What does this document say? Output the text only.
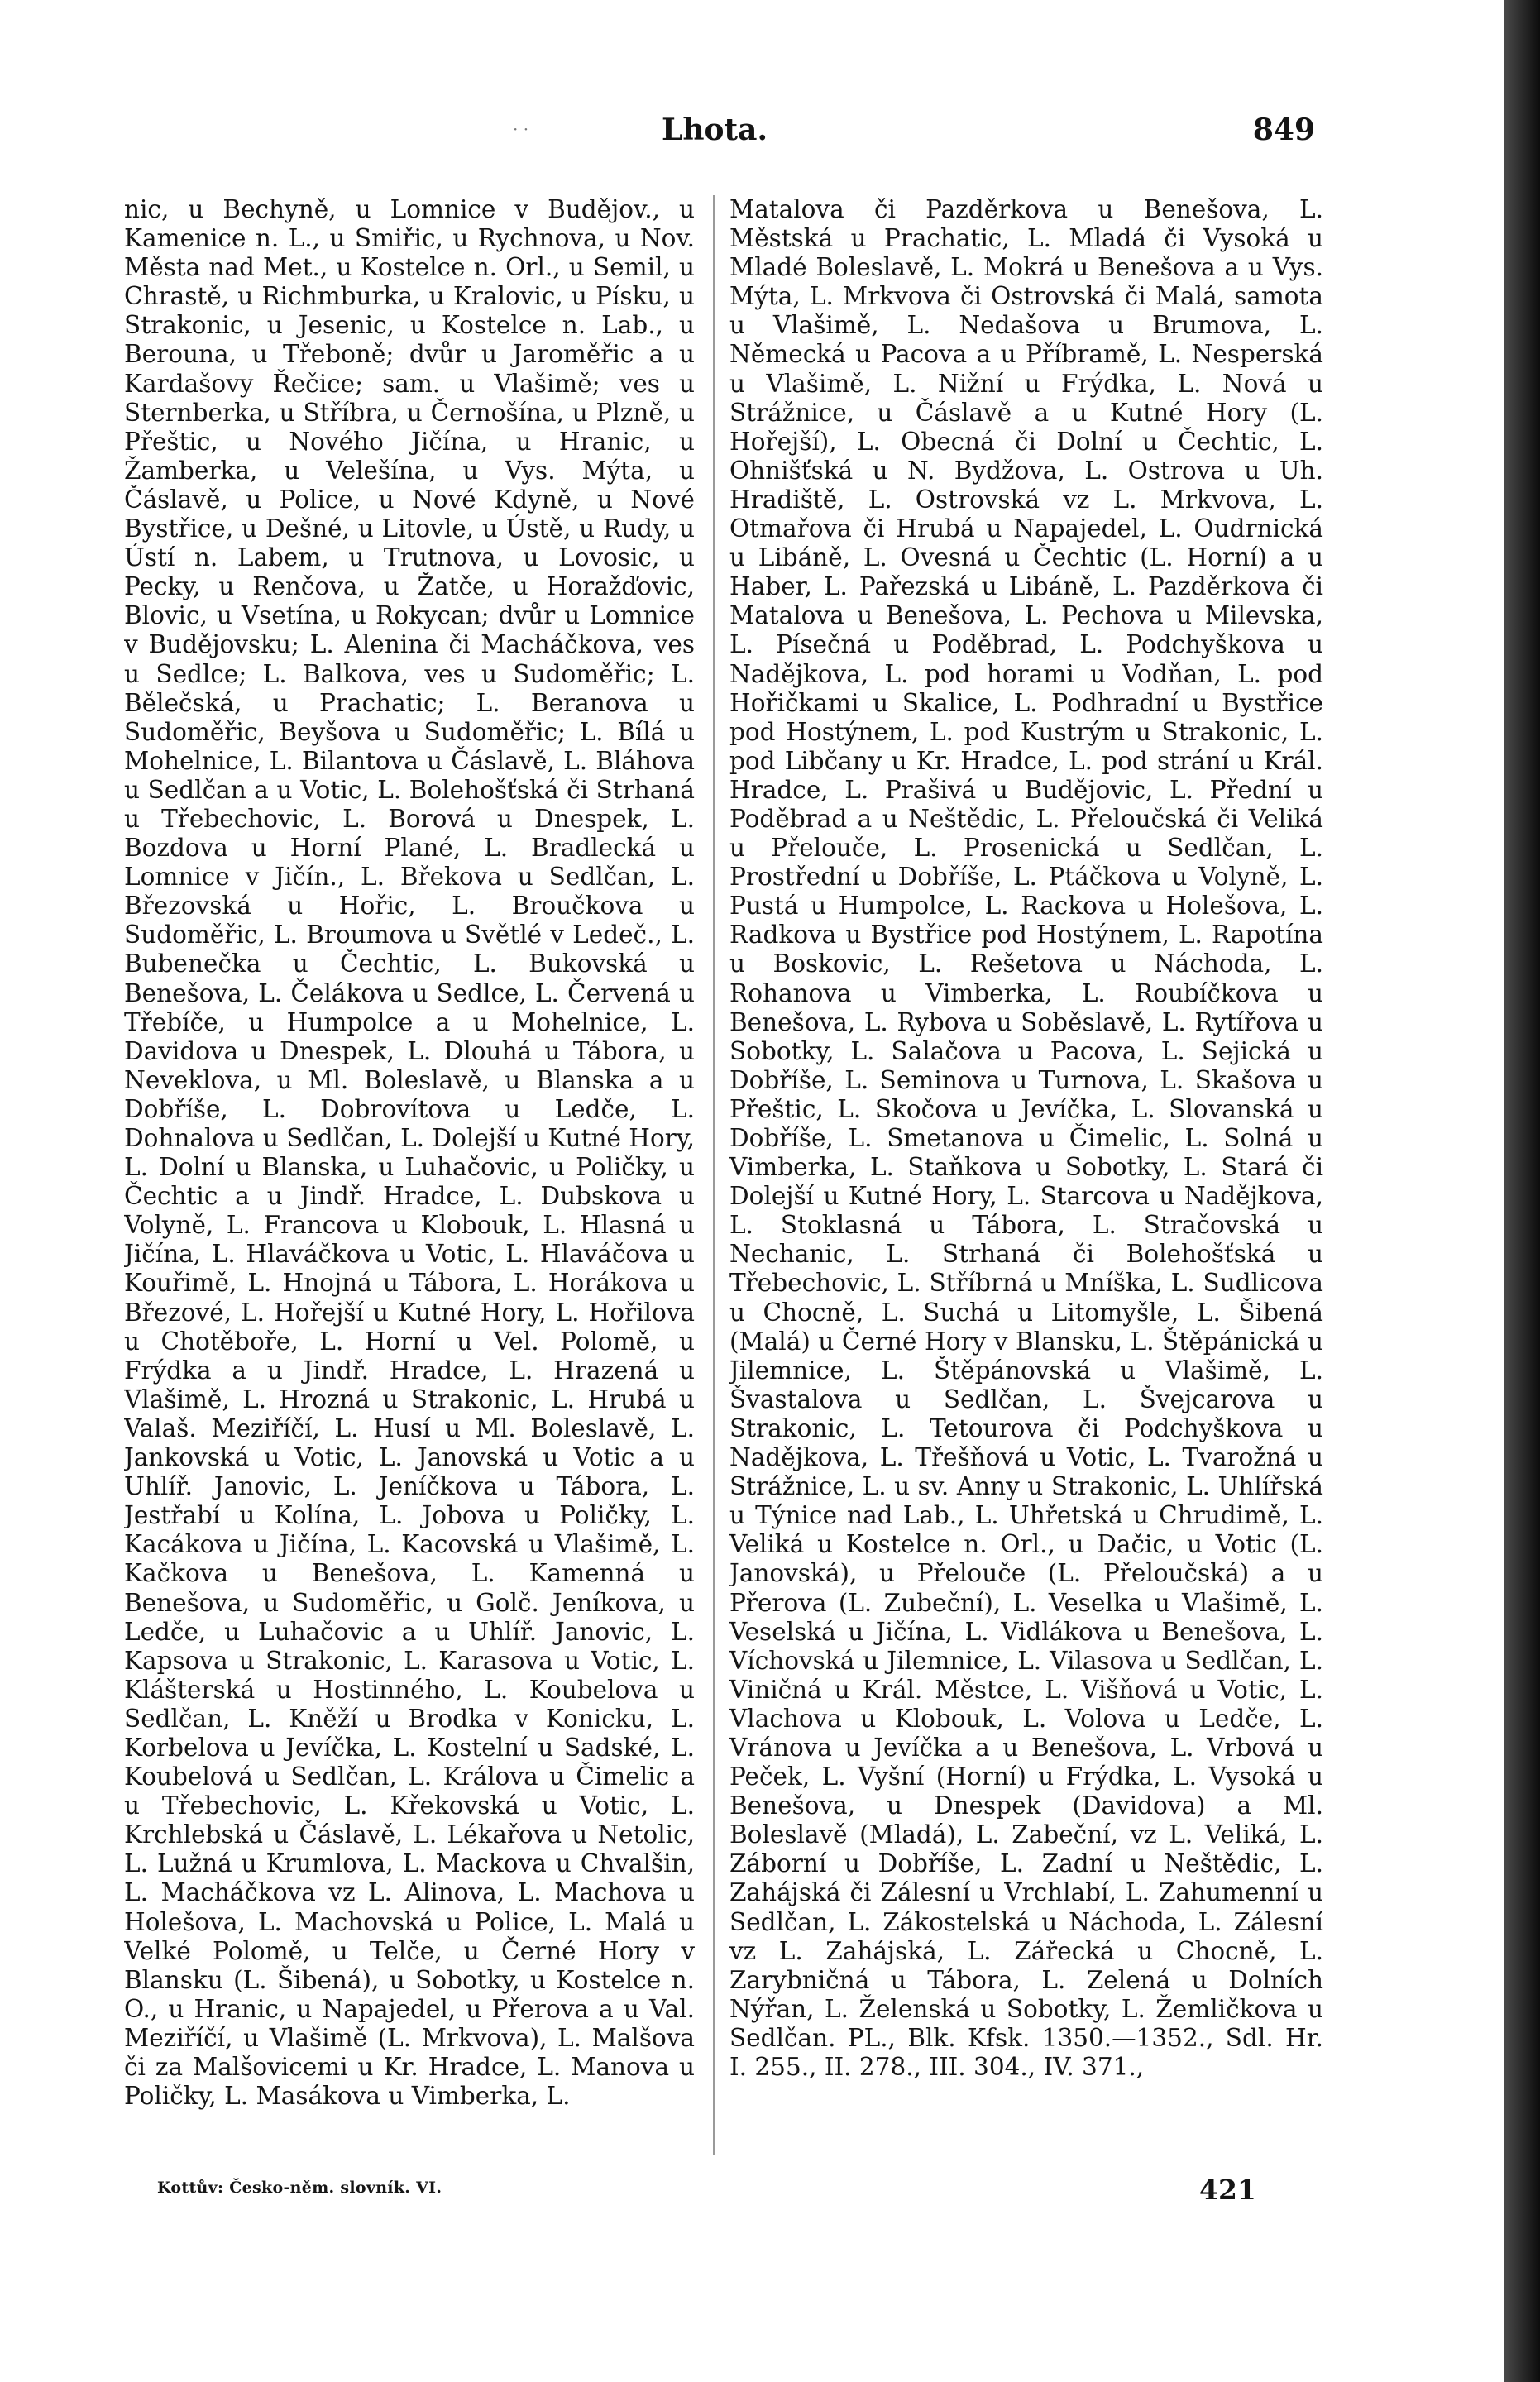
· ·	Lhota.	849

nic, u Bechyně, u Lomnice v Budějov., u Kamenice n. L., u Smiřic, u Rychnova, u Nov. Města nad Met., u Kostelce n. Orl., u Semil, u Chrastě, u Richmburka, u Kralovic, u Písku, u Strakonic, u Jesenic, u Kostelce n. Lab., u Berouna, u Třeboně; dvůr u Jaroměřic a u Kardašovy Řečice; sam. u Vlašimě; ves u Sternberka, u Stříbra, u Černošína, u Plzně, u Přeštic, u Nového Jičína, u Hranic, u Žamberka, u Velešína, u Vys. Mýta, u Čáslavě, u Police, u Nové Kdyně, u Nové Bystřice, u Dešné, u Litovle, u Ústě, u Rudy, u Ústí n. Labem, u Trutnova, u Lovosic, u Pecky, u Renčova, u Žatče, u Horažďovic, Blovic, u Vsetína, u Rokycan; dvůr u Lomnice v Budějovsku; L. Alenina či Macháčkova, ves u Sedlce; L. Balkova, ves u Sudoměřic; L. Bělečská, u Prachatic; L. Beranova u Sudoměřic, Beyšova u Sudoměřic; L. Bílá u Mohelnice, L. Bilantova u Čáslavě, L. Bláhova u Sedlčan a u Votic, L. Bolehošťská či Strhaná u Třebechovic, L. Borová u Dnespek, L. Bozdova u Horní Plané, L. Bradlecká u Lomnice v Jičín., L. Břekova u Sedlčan, L. Březovská u Hořic, L. Broučkova u Sudoměřic, L. Broumova u Světlé v Ledeč., L. Bubenečka u Čechtic, L. Bukovská u Benešova, L. Čelákova u Sedlce, L. Červená u Třebíče, u Humpolce a u Mohelnice, L. Davidova u Dnespek, L. Dlouhá u Tábora, u Neveklova, u Ml. Boleslavě, u Blanska a u Dobříše, L. Dobrovítova u Ledče, L. Dohnalova u Sedlčan, L. Dolejší u Kutné Hory, L. Dolní u Blanska, u Luhačovic, u Poličky, u Čechtic a u Jindř. Hradce, L. Dubskova u Volyně, L. Francova u Klobouk, L. Hlasná u Jičína, L. Hlaváčkova u Votic, L. Hlaváčova u Kouřimě, L. Hnojná u Tábora, L. Horákova u Březové, L. Hořejší u Kutné Hory, L. Hořilova u Chotěboře, L. Horní u Vel. Polomě, u Frýdka a u Jindř. Hradce, L. Hrazená u Vlašimě, L. Hrozná u Strakonic, L. Hrubá u Valaš. Meziříčí, L. Husí u Ml. Boleslavě, L. Jankovská u Votic, L. Janovská u Votic a u Uhlíř. Janovic, L. Jeníčkova u Tábora, L. Jestřabí u Kolína, L. Jobova u Poličky, L. Kacákova u Jičína, L. Kacovská u Vlašimě, L. Kačkova u Benešova, L. Kamenná u Benešova, u Sudoměřic, u Golč. Jeníkova, u Ledče, u Luhačovic a u Uhlíř. Janovic, L. Kapsova u Strakonic, L. Karasova u Votic, L. Klášterská u Hostinného, L. Koubelova u Sedlčan, L. Kněží u Brodka v Konicku, L. Korbelova u Jevíčka, L. Kostelní u Sadské, L. Koubelová u Sedlčan, L. Králova u Čimelic a u Třebechovic, L. Křekovská u Votic, L. Krchlebská u Čáslavě, L. Lékařova u Netolic, L. Lužná u Krumlova, L. Mackova u Chvalšin, L. Macháčkova vz L. Alinova, L. Machova u Holešova, L. Machovská u Police, L. Malá u Velké Polomě, u Telče, u Černé Hory v Blansku (L. Šibená), u Sobotky, u Kostelce n. O., u Hranic, u Napajedel, u Přerova a u Val. Meziříčí, u Vlašimě (L. Mrkvova), L. Malšova či za Malšovicemi u Kr. Hradce, L. Manova u Poličky, L. Masákova u Vimberka, L.

Matalova či Pazděrkova u Benešova, L. Městská u Prachatic, L. Mladá či Vysoká u Mladé Boleslavě, L. Mokrá u Benešova a u Vys. Mýta, L. Mrkvova či Ostrovská či Malá, samota u Vlašimě, L. Nedašova u Brumova, L. Německá u Pacova a u Příbramě, L. Nesperská u Vlašimě, L. Nižní u Frýdka, L. Nová u Strážnice, u Čáslavě a u Kutné Hory (L. Hořejší), L. Obecná či Dolní u Čechtic, L. Ohnišťská u N. Bydžova, L. Ostrova u Uh. Hradiště, L. Ostrovská vz L. Mrkvova, L. Otmařova či Hrubá u Napajedel, L. Oudrnická u Libáně, L. Ovesná u Čechtic (L. Horní) a u Haber, L. Pařezská u Libáně, L. Pazděrkova či Matalova u Benešova, L. Pechova u Milevska, L. Písečná u Poděbrad, L. Podchyškova u Nadějkova, L. pod horami u Vodňan, L. pod Hořičkami u Skalice, L. Podhradní u Bystřice pod Hostýnem, L. pod Kustrým u Strakonic, L. pod Libčany u Kr. Hradce, L. pod strání u Král. Hradce, L. Prašivá u Budějovic, L. Přední u Poděbrad a u Neštědic, L. Přeloučská či Veliká u Přelouče, L. Prosenická u Sedlčan, L. Prostřední u Dobříše, L. Ptáčkova u Volyně, L. Pustá u Humpolce, L. Rackova u Holešova, L. Radkova u Bystřice pod Hostýnem, L. Rapotína u Boskovic, L. Rešetova u Náchoda, L. Rohanova u Vimberka, L. Roubíčkova u Benešova, L. Rybova u Soběslavě, L. Rytířova u Sobotky, L. Salačova u Pacova, L. Sejická u Dobříše, L. Seminova u Turnova, L. Skašova u Přeštic, L. Skočova u Jevíčka, L. Slovanská u Dobříše, L. Smetanova u Čimelic, L. Solná u Vimberka, L. Staňkova u Sobotky, L. Stará či Dolejší u Kutné Hory, L. Starcova u Nadějkova, L. Stoklasná u Tábora, L. Stračovská u Nechanic, L. Strhaná či Bolehošťská u Třebechovic, L. Stříbrná u Mníška, L. Sudlicova u Chocně, L. Suchá u Litomyšle, L. Šibená (Malá) u Černé Hory v Blansku, L. Štěpánická u Jilemnice, L. Štěpánovská u Vlašimě, L. Švastalova u Sedlčan, L. Švejcarova u Strakonic, L. Tetourova či Podchyškova u Nadějkova, L. Třešňová u Votic, L. Tvarožná u Strážnice, L. u sv. Anny u Strakonic, L. Uhlířská u Týnice nad Lab., L. Uhřetská u Chrudimě, L. Veliká u Kostelce n. Orl., u Dačic, u Votic (L. Janovská), u Přelouče (L. Přeloučská) a u Přerova (L. Zubeční), L. Veselka u Vlašimě, L. Veselská u Jičína, L. Vidlákova u Benešova, L. Víchovská u Jilemnice, L. Vilasova u Sedlčan, L. Viničná u Král. Městce, L. Višňová u Votic, L. Vlachova u Klobouk, L. Volova u Ledče, L. Vránova u Jevíčka a u Benešova, L. Vrbová u Peček, L. Vyšní (Horní) u Frýdka, L. Vysoká u Benešova, u Dnespek (Davidova) a Ml. Boleslavě (Mladá), L. Zabeční, vz L. Veliká, L. Záborní u Dobříše, L. Zadní u Neštědic, L. Zahájská či Zálesní u Vrchlabí, L. Zahumenní u Sedlčan, L. Zákostelská u Náchoda, L. Zálesní vz L. Zahájská, L. Zářecká u Chocně, L. Zarybničná u Tábora, L. Zelená u Dolních Nýřan, L. Želenská u Sobotky, L. Žemličkova u Sedlčan. PL., Blk. Kfsk. 1350.—1352., Sdl. Hr. I. 255., II. 278., III. 304., IV. 371.,

Kottův: Česko-něm. slovník. VI.	421
